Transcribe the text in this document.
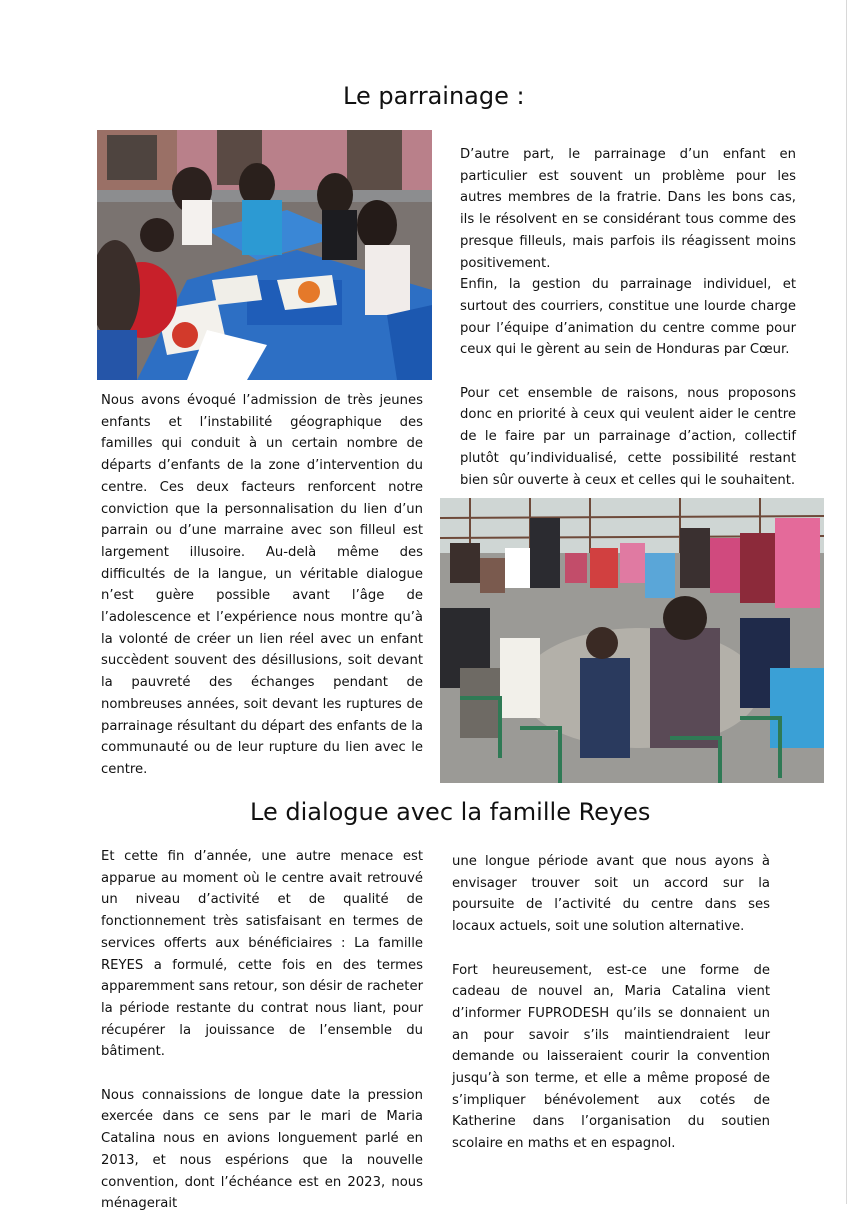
Le parrainage :

D’autre part, le parrainage d’un enfant en particulier est souvent un problème pour les autres membres de la fratrie. Dans les bons cas, ils le résolvent en se considérant tous comme des presque filleuls, mais parfois ils réagissent moins positivement.

Enfin, la gestion du parrainage individuel, et surtout des courriers, constitue une lourde charge pour l’équipe d’animation du centre comme pour ceux qui le gèrent au sein de Honduras par Cœur.

Pour cet ensemble de raisons, nous proposons donc en priorité à ceux qui veulent aider le centre de le faire par un parrainage d’action, collectif plutôt qu’individualisé, cette possibilité restant bien sûr ouverte à ceux et celles qui le souhaitent.

Nous avons évoqué l’admission de très jeunes enfants et l’instabilité géographique des familles qui conduit à un certain nombre de départs d’enfants de la zone d’intervention du centre. Ces deux facteurs renforcent notre conviction que la personnalisation du lien d’un parrain ou d’une marraine avec son filleul est largement illusoire. Au-delà même des difficultés de la langue, un véritable dialogue n’est guère possible avant l’âge de l’adolescence et l’expérience nous montre qu’à la volonté de créer un lien réel avec un enfant succèdent souvent des désillusions, soit devant la pauvreté des échanges pendant de nombreuses années, soit devant les ruptures de parrainage résultant du départ des enfants de la communauté ou de leur rupture du lien avec le centre.

Le dialogue avec la famille Reyes

Et cette fin d’année, une autre menace est apparue au moment où le centre avait retrouvé un niveau d’activité et de qualité de fonctionnement très satisfaisant en termes de services offerts aux bénéficiaires : La famille REYES a formulé, cette fois en des termes apparemment sans retour, son désir de racheter la période restante du contrat nous liant, pour récupérer la jouissance de l’ensemble du bâtiment.

Nous connaissions de longue date la pression exercée dans ce sens par le mari de Maria Catalina nous en avions longuement parlé en 2013, et nous espérions que la nouvelle convention, dont l’échéance est en 2023, nous ménagerait

une longue période avant que nous ayons à envisager trouver soit un accord sur la poursuite de l’activité du centre dans ses locaux actuels, soit une solution alternative.

Fort heureusement, est-ce une forme de cadeau de nouvel an, Maria Catalina vient d’informer FUPRODESH qu’ils se donnaient un an pour savoir s’ils maintiendraient leur demande ou laisseraient courir la convention jusqu’à son terme, et elle a même proposé de s’impliquer bénévolement aux cotés de Katherine dans l’organisation du soutien scolaire en maths et en espagnol.
